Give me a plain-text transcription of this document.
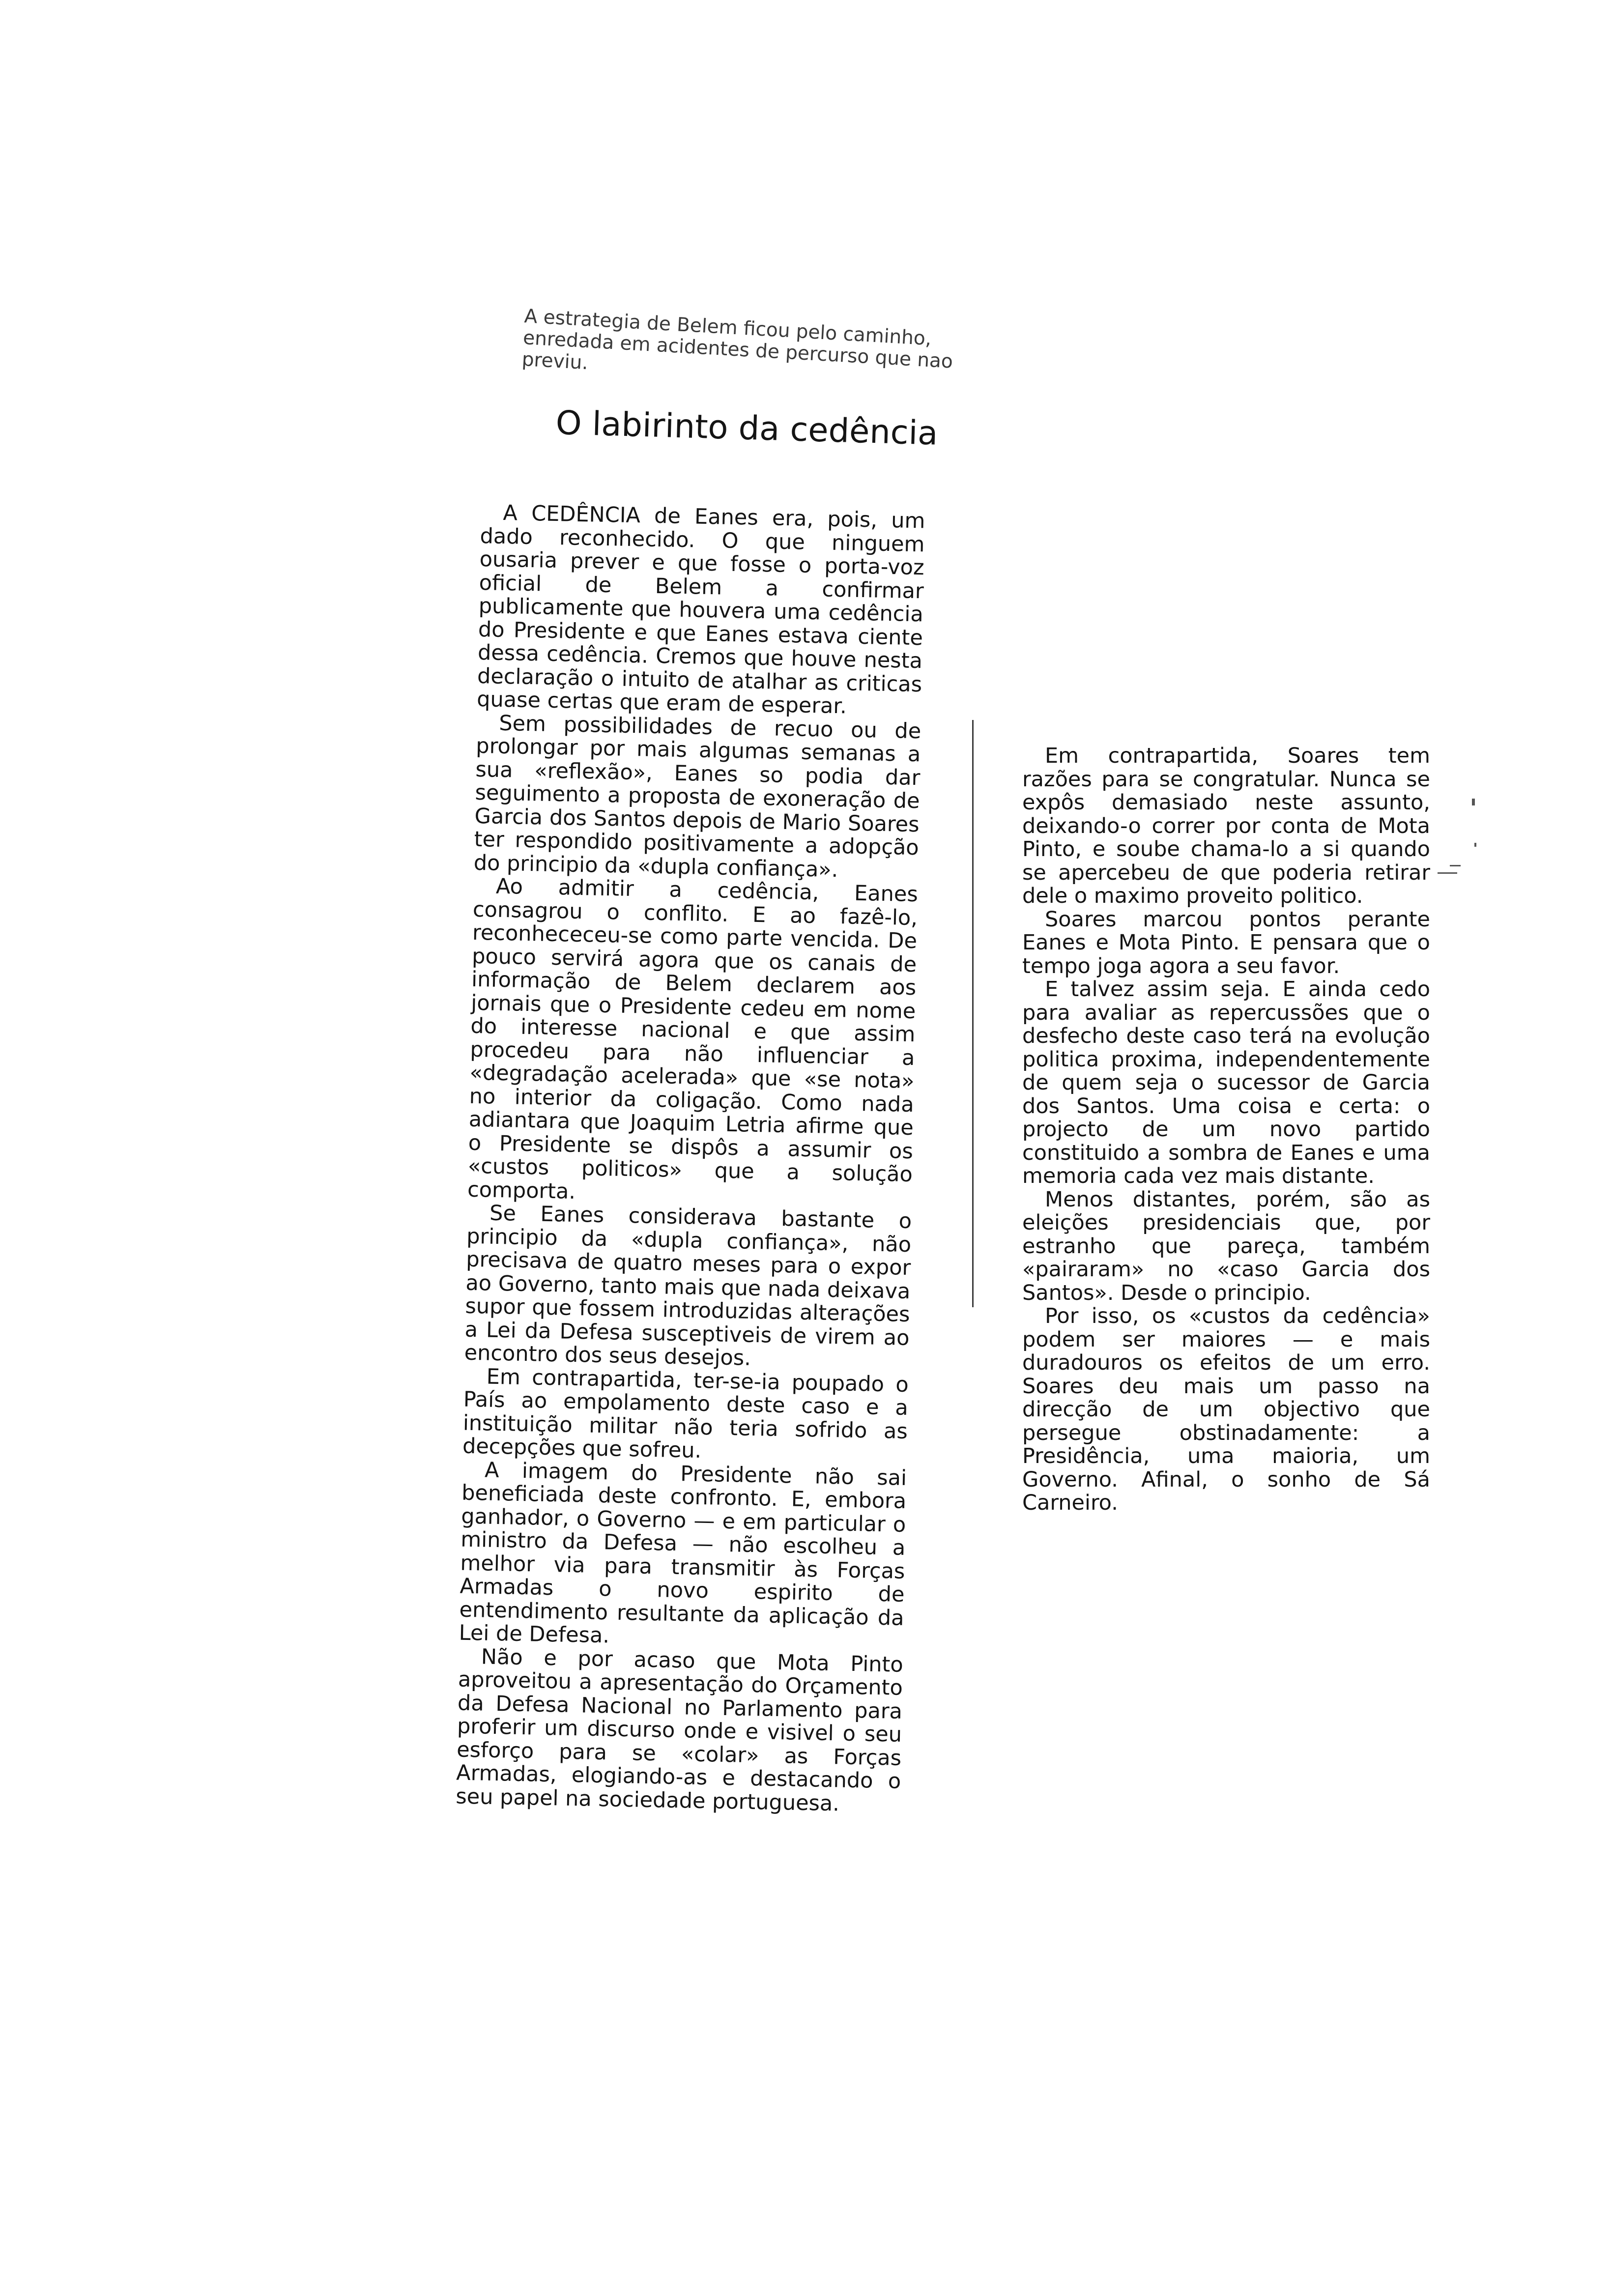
A estrategia de Belem ficou pelo caminho, enredada em acidentes de percurso que nao previu.
O labirinto da cedência

A CEDÊNCIA de Eanes era, pois, um dado reconhecido. O que ninguem ousaria prever e que fosse o porta-voz oficial de Belem a confirmar publicamente que houvera uma cedência do Presidente e que Eanes estava ciente dessa cedência. Cremos que houve nesta declaração o intuito de atalhar as criticas quase certas que eram de esperar.

Sem possibilidades de recuo ou de prolongar por mais algumas semanas a sua «reflexão», Eanes so podia dar seguimento a proposta de exoneração de Garcia dos Santos depois de Mario Soares ter respondido positivamente a adopção do principio da «dupla confiança».

Ao admitir a cedência, Eanes consagrou o conflito. E ao fazê-lo, reconhececeu-se como parte vencida. De pouco servirá agora que os canais de informação de Belem declarem aos jornais que o Presidente cedeu em nome do interesse nacional e que assim procedeu para não influenciar a «degradação acelerada» que «se nota» no interior da coligação. Como nada adiantara que Joaquim Letria afirme que o Presidente se dispôs a assumir os «custos politicos» que a solução comporta.

Se Eanes considerava bastante o principio da «dupla confiança», não precisava de quatro meses para o expor ao Governo, tanto mais que nada deixava supor que fossem introduzidas alterações a Lei da Defesa susceptiveis de virem ao encontro dos seus desejos.

Em contrapartida, ter-se-ia poupado o País ao empolamento deste caso e a instituição militar não teria sofrido as decepções que sofreu.

A imagem do Presidente não sai beneficiada deste confronto. E, embora ganhador, o Governo — e em particular o ministro da Defesa — não escolheu a melhor via para transmitir às Forças Armadas o novo espirito de entendimento resultante da aplicação da Lei de Defesa.

Não e por acaso que Mota Pinto aproveitou a apresentação do Orçamento da Defesa Nacional no Parlamento para proferir um discurso onde e visivel o seu esforço para se «colar» as Forças Armadas, elogiando-as e destacando o seu papel na sociedade portuguesa.

Em contrapartida, Soares tem razões para se congratular. Nunca se expôs demasiado neste assunto, deixando-o correr por conta de Mota Pinto, e soube chama-lo a si quando se apercebeu de que poderia retirar dele o maximo proveito politico.

Soares marcou pontos perante Eanes e Mota Pinto. E pensara que o tempo joga agora a seu favor.

E talvez assim seja. E ainda cedo para avaliar as repercussões que o desfecho deste caso terá na evolução politica proxima, independentemente de quem seja o sucessor de Garcia dos Santos. Uma coisa e certa: o projecto de um novo partido constituido a sombra de Eanes e uma memoria cada vez mais distante.

Menos distantes, porém, são as eleições presidenciais que, por estranho que pareça, também «pairaram» no «caso Garcia dos Santos». Desde o principio.

Por isso, os «custos da cedência» podem ser maiores — e mais duradouros os efeitos de um erro. Soares deu mais um passo na direcção de um objectivo que persegue obstinadamente: a Presidência, uma maioria, um Governo. Afinal, o sonho de Sá Carneiro.
